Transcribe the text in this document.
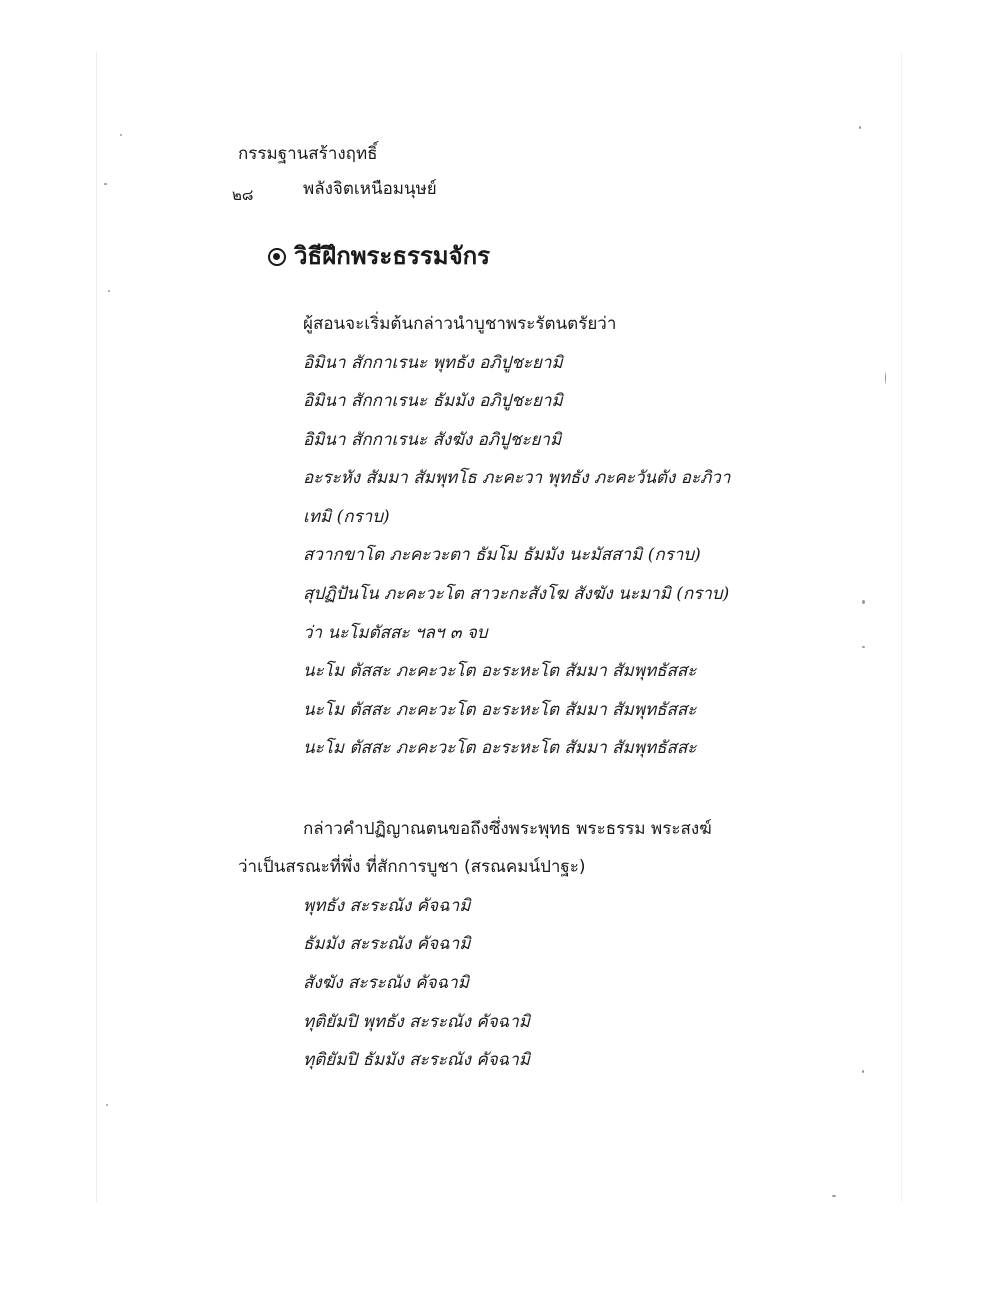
กรรมฐานสร้างฤทธิ์
๒๘	พลังจิตเหนือมนุษย์
วิธีฝึกพระธรรมจักร
ผู้สอนจะเริ่มต้นกล่าวนำบูชาพระรัตนตรัยว่า
อิมินา สักกาเรนะ พุทธัง อภิปูชะยามิ
อิมินา สักกาเรนะ ธัมมัง อภิปูชะยามิ
อิมินา สักกาเรนะ สังฆัง อภิปูชะยามิ
อะระหัง สัมมา สัมพุทโธ ภะคะวา พุทธัง ภะคะวันตัง อะภิวา
เทมิ (กราบ)
สวากขาโต ภะคะวะตา ธัมโม ธัมมัง นะมัสสามิ (กราบ)
สุปฏิปันโน ภะคะวะโต สาวะกะสังโฆ สังฆัง นะมามิ (กราบ)
ว่า นะโมตัสสะ ฯลฯ ๓ จบ
นะโม ตัสสะ ภะคะวะโต อะระหะโต สัมมา สัมพุทธัสสะ
นะโม ตัสสะ ภะคะวะโต อะระหะโต สัมมา สัมพุทธัสสะ
นะโม ตัสสะ ภะคะวะโต อะระหะโต สัมมา สัมพุทธัสสะ
กล่าวคำปฏิญาณตนขอถึงซึ่งพระพุทธ พระธรรม พระสงฆ์
ว่าเป็นสรณะที่พึ่ง ที่สักการบูชา (สรณคมน์ปาฐะ)
พุทธัง สะระณัง คัจฉามิ
ธัมมัง สะระณัง คัจฉามิ
สังฆัง สะระณัง คัจฉามิ
ทุติยัมปิ พุทธัง สะระณัง คัจฉามิ
ทุติยัมปิ ธัมมัง สะระณัง คัจฉามิ
